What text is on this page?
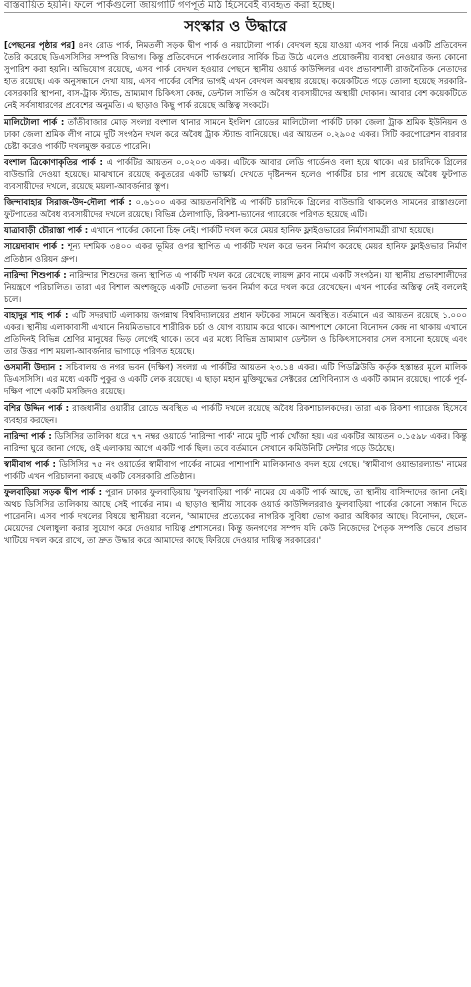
বাস্তবায়িত হয়নি। ফলে পার্কগুলো জায়গাটি গণপূর্ত মাঠ হিসেবেই ব্যবহৃত করা হচ্ছে।
সংস্কার ও উদ্ধারে

[পেছনের পৃষ্ঠার পর] ৪নং রোড পার্ক, নিমতলী সড়ক দ্বীপ পার্ক ও নয়াটোলা পার্ক। বেদখল হয়ে যাওয়া এসব পার্ক নিয়ে একটি প্রতিবেদন তৈরি করেছে ডিএসসিসির সম্পত্তি বিভাগ। কিন্তু প্রতিবেদনে পার্কগুলোর সার্বিক চিত্র উঠে এলেও প্রয়োজনীয় ব্যবস্থা নেওয়ার জন্য কোনো সুপারিশ করা হয়নি। অভিযোগ রয়েছে, এসব পার্ক বেদখল হওয়ার পেছনে স্থানীয় ওয়ার্ড কাউন্সিলর এবং প্রভাবশালী রাজনৈতিক নেতাদের হাত রয়েছে। এক অনুসন্ধানে দেখা যায়, এসব পার্কের বেশির ভাগই এখন বেদখল অবস্থায় রয়েছে। কয়েকটিতে গড়ে তোলা হয়েছে সরকারি-বেসরকারি স্থাপনা, বাস-ট্রাক স্ট্যান্ড, ভ্রাম্যমাণ চিকিৎসা কেন্দ্র, ডেন্টাল সার্ভিস ও অবৈধ ব্যবসায়ীদের অস্থায়ী দোকান। আবার বেশ কয়েকটিতে নেই সর্বসাধারণের প্রবেশের অনুমতি। এ ছাড়াও কিছু পার্ক রয়েছে অস্তিত্ব সংকটে।

মালিটোলা পার্ক : তাঁতীবাজার মোড় সংলগ্ন বংশাল থানার সামনে ইংলিশ রোডের মালিটোলা পার্কটি ঢাকা জেলা ট্রাক শ্রমিক ইউনিয়ন ও ঢাকা জেলা শ্রমিক লীগ নামে দুটি সংগঠন দখল করে অবৈধ ট্রাক স্ট্যান্ড বানিয়েছে। এর আয়তন ০.২৯০৫ একর। সিটি করপোরেশন বারবার চেষ্টা করেও পার্কটি দখলমুক্ত করতে পারেনি।

বংশাল ত্রিকোণাকৃতির পার্ক : এ পার্কটির আয়তন ০.০২০৩ একর। এটিকে আবার লেডি গার্ডেনও বলা হয়ে থাকে। এর চারদিকে গ্রিলের বাউন্ডারি দেওয়া হয়েছে। মাঝখানে রয়েছে কবুতরের একটি ভাস্কর্য। দেখতে দৃষ্টিনন্দন হলেও পার্কটির চার পাশ রয়েছে অবৈধ ফুটপাত ব্যবসায়ীদের দখলে, রয়েছে ময়লা-আবর্জনার স্তূপ।

জিন্দাবাহার সিরাজ-উদ-দৌলা পার্ক : ০.৬১০০ একর আয়তনবিশিষ্ট এ পার্কটি চারদিকে গ্রিলের বাউন্ডারি থাকলেও সামনের রাস্তাগুলো ফুটপাতের অবৈধ ব্যবসায়ীদের দখলে রয়েছে। বিভিন্ন ঠেলাগাড়ি, রিকশা-ভ্যানের গ্যারেজে পরিণত হয়েছে এটি।

যাত্রাবাড়ী চৌরাস্তা পার্ক : এখানে পার্কের কোনো চিহ্ন নেই। পার্কটি দখল করে মেয়র হানিফ ফ্লাইওভারের নির্মাণসামগ্রী রাখা হয়েছে।

সায়েদাবাদ পার্ক : শূন্য দশমিক ৩৪০০ একর ভূমির ওপর স্থাপিত এ পার্কটি দখল করে ভবন নির্মাণ করেছে মেয়র হানিফ ফ্লাইওভার নির্মাণ প্রতিষ্ঠান ওরিয়ন গ্রুপ।

নারিন্দা শিশুপার্ক : নারিন্দার শিশুদের জন্য স্থাপিত এ পার্কটি দখল করে রেখেছে লায়ন্স ক্লাব নামে একটি সংগঠন। যা স্থানীয় প্রভাবশালীদের নিয়ন্ত্রণে পরিচালিত। তারা এর বিশাল অংশজুড়ে একটি দোতলা ভবন নির্মাণ করে দখল করে রেখেছেন। এখন পার্কের অস্তিত্ব নেই বললেই চলে।

বাহাদুর শাহ পার্ক : এটি সদরঘাট এলাকায় জগন্নাথ বিশ্ববিদ্যালয়ের প্রধান ফটকের সামনে অবস্থিত। বর্তমানে এর আয়তন রয়েছে ১.০০০ একর। স্থানীয় এলাকাবাসী এখানে নিয়মিতভাবে শারীরিক চর্চা ও যোগ ব্যায়াম করে থাকে। আশপাশে কোনো বিনোদন কেন্দ্র না থাকায় এখানে প্রতিদিনই বিভিন্ন শ্রেণির মানুষের ভিড় লেগেই থাকে। তবে এর মধ্যে বিভিন্ন ভ্রাম্যমাণ ডেন্টাল ও চিকিৎসাসেবার সেল বসানো হয়েছে এবং তার উত্তর পাশ ময়লা-আবর্জনার ভাগাড়ে পরিণত হয়েছে।

ওসমানী উদ্যান : সচিবালয় ও নগর ভবন (দক্ষিণ) সংলগ্ন এ পার্কটির আয়তন ২৩.১৪ একর। এটি পিডব্লিউডি কর্তৃক হস্তান্তর মূলে মালিক ডিএসসিসি। এর মধ্যে একটি পুকুর ও একটি লেক রয়েছে। এ ছাড়া মহান মুক্তিযুদ্ধের সেক্টরের শ্রেণিবিন্যাস ও একটি কামান রয়েছে। পার্কে পূর্ব-দক্ষিণ পাশে একটি মসজিদও রয়েছে।

বশির উদ্দিন পার্ক : রাজধানীর ওয়ারীর রোডে অবস্থিত এ পার্কটি দখলে রয়েছে অবৈধ রিকশাচালকদের। তারা এক রিকশা গ্যারেজ হিসেবে ব্যবহার করছেন।

নারিন্দা পার্ক : ডিসিসির তালিকা ধরে ৭৭ নম্বর ওয়ার্ডে 'নারিন্দা পার্ক' নামে দুটি পার্ক খোঁজা হয়। এর একটির আয়তন ০.১৫৯৮ একর। কিন্তু নারিন্দা ঘুরে জানা গেছে, ওই এলাকায় আগে একটি পার্ক ছিল। তবে বর্তমানে সেখানে কমিউনিটি সেন্টার গড়ে উঠেছে।

স্বামীবাগ পার্ক : ডিসিসির ৭৫ নং ওয়ার্ডের স্বামীবাগ পার্কের নামের পাশাপাশি মালিকানাও বদল হয়ে গেছে। 'স্বামীবাগ ওয়ান্ডারল্যান্ড' নামের পার্কটি এখন পরিচালনা করছে একটি বেসরকারি প্রতিষ্ঠান।

ফুলবাড়িয়া সড়ক দ্বীপ পার্ক : পুরান ঢাকার ফুলবাড়িয়ায় 'ফুলবাড়িয়া পার্ক' নামের যে একটি পার্ক আছে, তা স্থানীয় বাসিন্দাদের জানা নেই। অথচ ডিসিসির তালিকায় আছে সেই পার্কের নাম। এ ছাড়াও স্থানীয় সাবেক ওয়ার্ড কাউন্সিলররাও ফুলবাড়িয়া পার্কের কোনো সন্ধান দিতে পারেননি। এসব পার্ক দখলের বিষয়ে স্থানীয়রা বলেন, 'আমাদের প্রত্যেকের নাগরিক সুবিধা ভোগ করার অধিকার আছে। বিনোদন, ছেলে-মেয়েদের খেলাধুলা করার সুযোগ করে দেওয়ার দায়িত্ব প্রশাসনের। কিন্তু জনগণের সম্পদ যদি কেউ নিজেদের পৈতৃক সম্পত্তি ভেবে প্রভাব খাটিয়ে দখল করে রাখে, তা দ্রুত উদ্ধার করে আমাদের কাছে ফিরিয়ে দেওয়ার দায়িত্ব সরকারের।'
